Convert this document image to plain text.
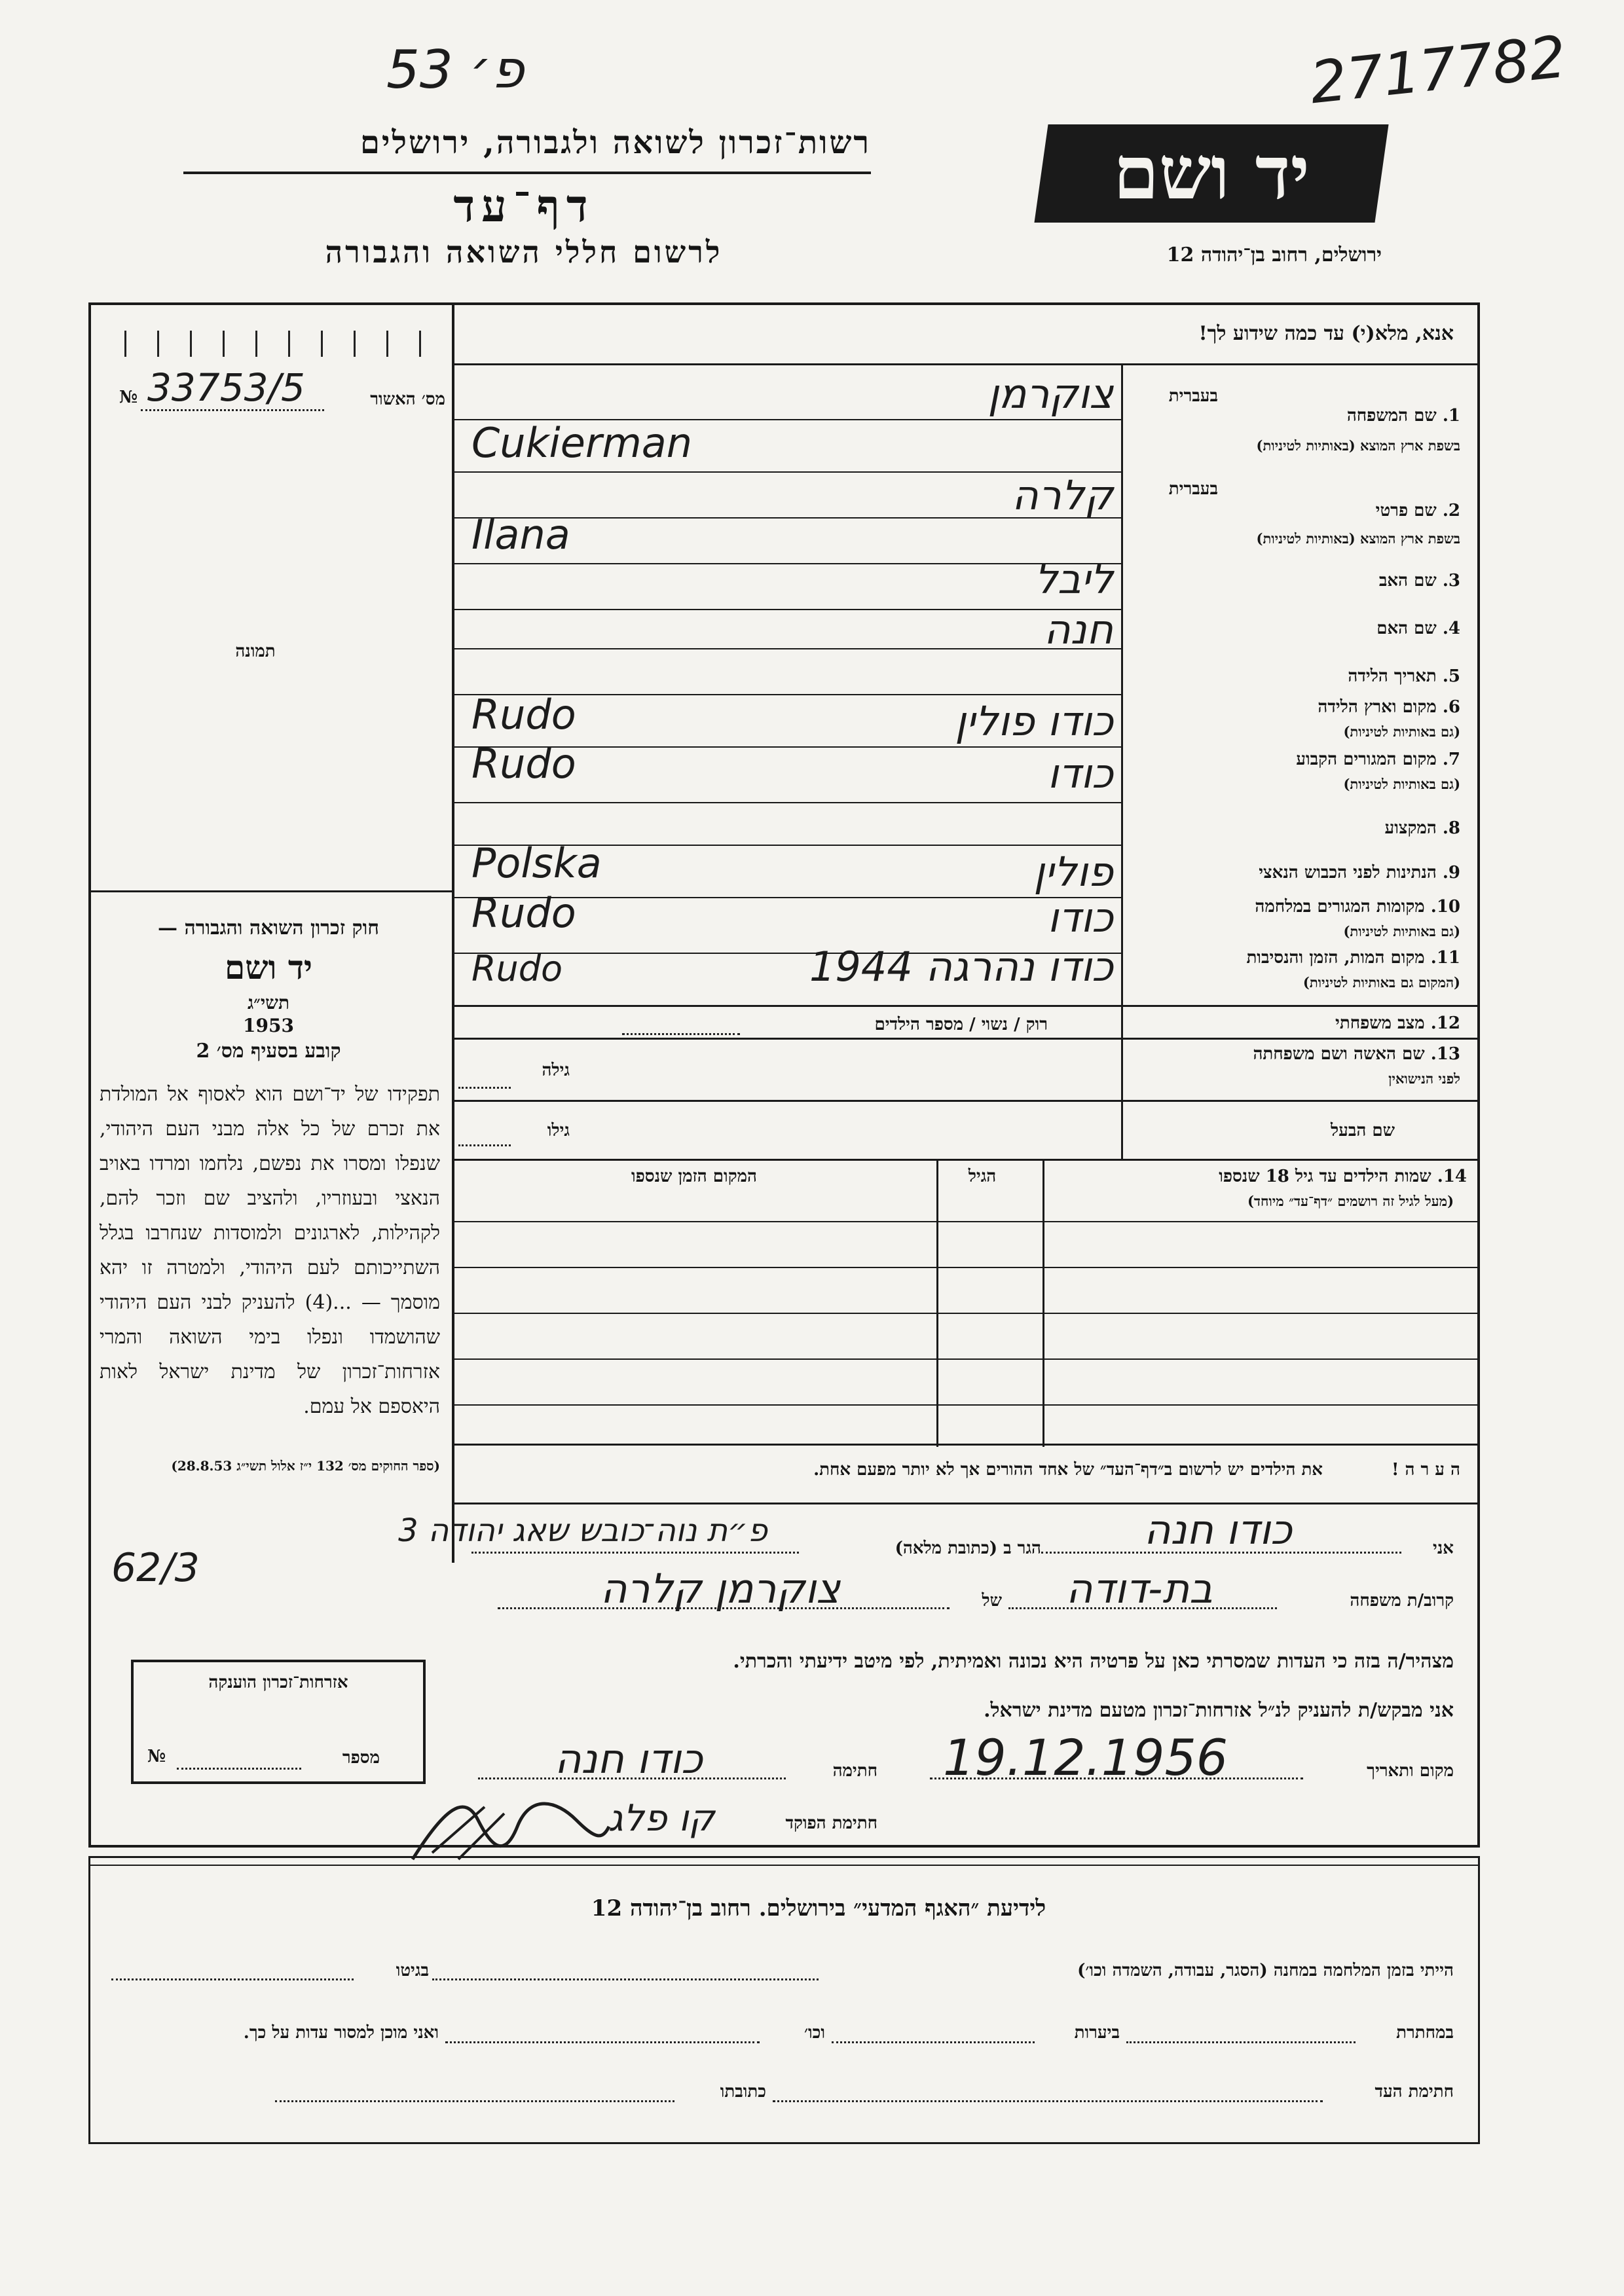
53 פ׳	2717782
רשות־זכרון לשואה ולגבורה, ירושלים
דף־עד
לרשום חללי השואה והגבורה
יד ושם
ירושלים, רחוב בן־יהודה 12
אנא, מלא(י) עד כמה שידוע לך!
№ 33753/5	מס׳ האשור
תמונה
חוק זכרון השואה והגבורה —
יד ושם
תשי״ג
1953
קובע בסעיף מס׳ 2
תפקידו של יד־ושם הוא לאסוף אל המולדת את זכרם של כל אלה מבני העם היהודי, שנפלו ומסרו את נפשם, נלחמו ומרדו באויב הנאצי ובעוזריו, ולהציב שם וזכר להם, לקהילות, לארגונים ולמוסדות שנחרבו בגלל השתייכותם לעם היהודי, ולמטרה זו יהא מוסמך — ...(4) להעניק לבני העם היהודי שהושמדו ונפלו בימי השואה והמרי אזרחות־זכרון של מדינת ישראל לאות היאספם אל עמם.
(ספר החוקים מס׳ 132 י״ז אלול תשי״ג 28.8.53)
1. שם המשפחה
בשפת ארץ המוצא (באותיות לטיניות)
בעברית
צוקרמן
Cukierman
2. שם פרטי
בשפת ארץ המוצא (באותיות לטיניות)
בעברית
קלרה
Ilana
3. שם האב
ליבל
4. שם האם
חנה
5. תאריך הלידה
6. מקום וארץ הלידה
(גם באותיות לטיניות)
כודו פולין
Rudo
7. מקום המגורים הקבוע
(גם באותיות לטיניות)
כודו
Rudo
8. המקצוע
9. הנתינות לפני הכבוש הנאצי
פולין
Polska
10. מקומות המגורים במלחמה
(גם באותיות לטיניות)
כודו
Rudo
11. מקום המות, הזמן והנסיבות
(המקום גם באותיות לטיניות)
כודו נהרגה 1944
Rudo
12. מצב משפחתי
רוק / נשוי / מספר הילדים
13. שם האשה ושם משפחתה
לפני הנישואין
גילה
שם הבעל
גילו
14. שמות הילדים עד גיל 18 שנספו
(מעל לגיל זה רושמים ״דף־עד״ מיוחד)
הגיל
המקום הזמן שנספו
ה ע ר ה !
את הילדים יש לרשום ב״דף־העד״ של אחד ההורים אך לא יותר מפעם אחת.
אני
כודו חנה
הגר ב (כתובת מלאה)
פ״ת נוה־כובש שאג יהודה 3
קרוב/ת משפחה
בת-דודה
של
צוקרמן קלרה
מצהיר/ה בזה כי העדות שמסרתי כאן על פרטיה היא נכונה ואמיתית, לפי מיטב ידיעתי והכרתי.
אני מבקש/ת להעניק לנ״ל אזרחות־זכרון מטעם מדינת ישראל.
מקום ותאריך
19.12.1956
חתימה
כודו חנה
חתימת הפוקד
קו פלג
62/3
אזרחות־זכרון הוענקה
מספר
№
לידיעת ״האגף המדעי״ בירושלים. רחוב בן־יהודה 12
הייתי בזמן המלחמה במחנה (הסגר, עבודה, השמדה וכו׳)
בגיטו
במחתרת
ביערות
וכו׳
ואני מוכן למסור עדות על כך.
חתימת העד
כתובתו
